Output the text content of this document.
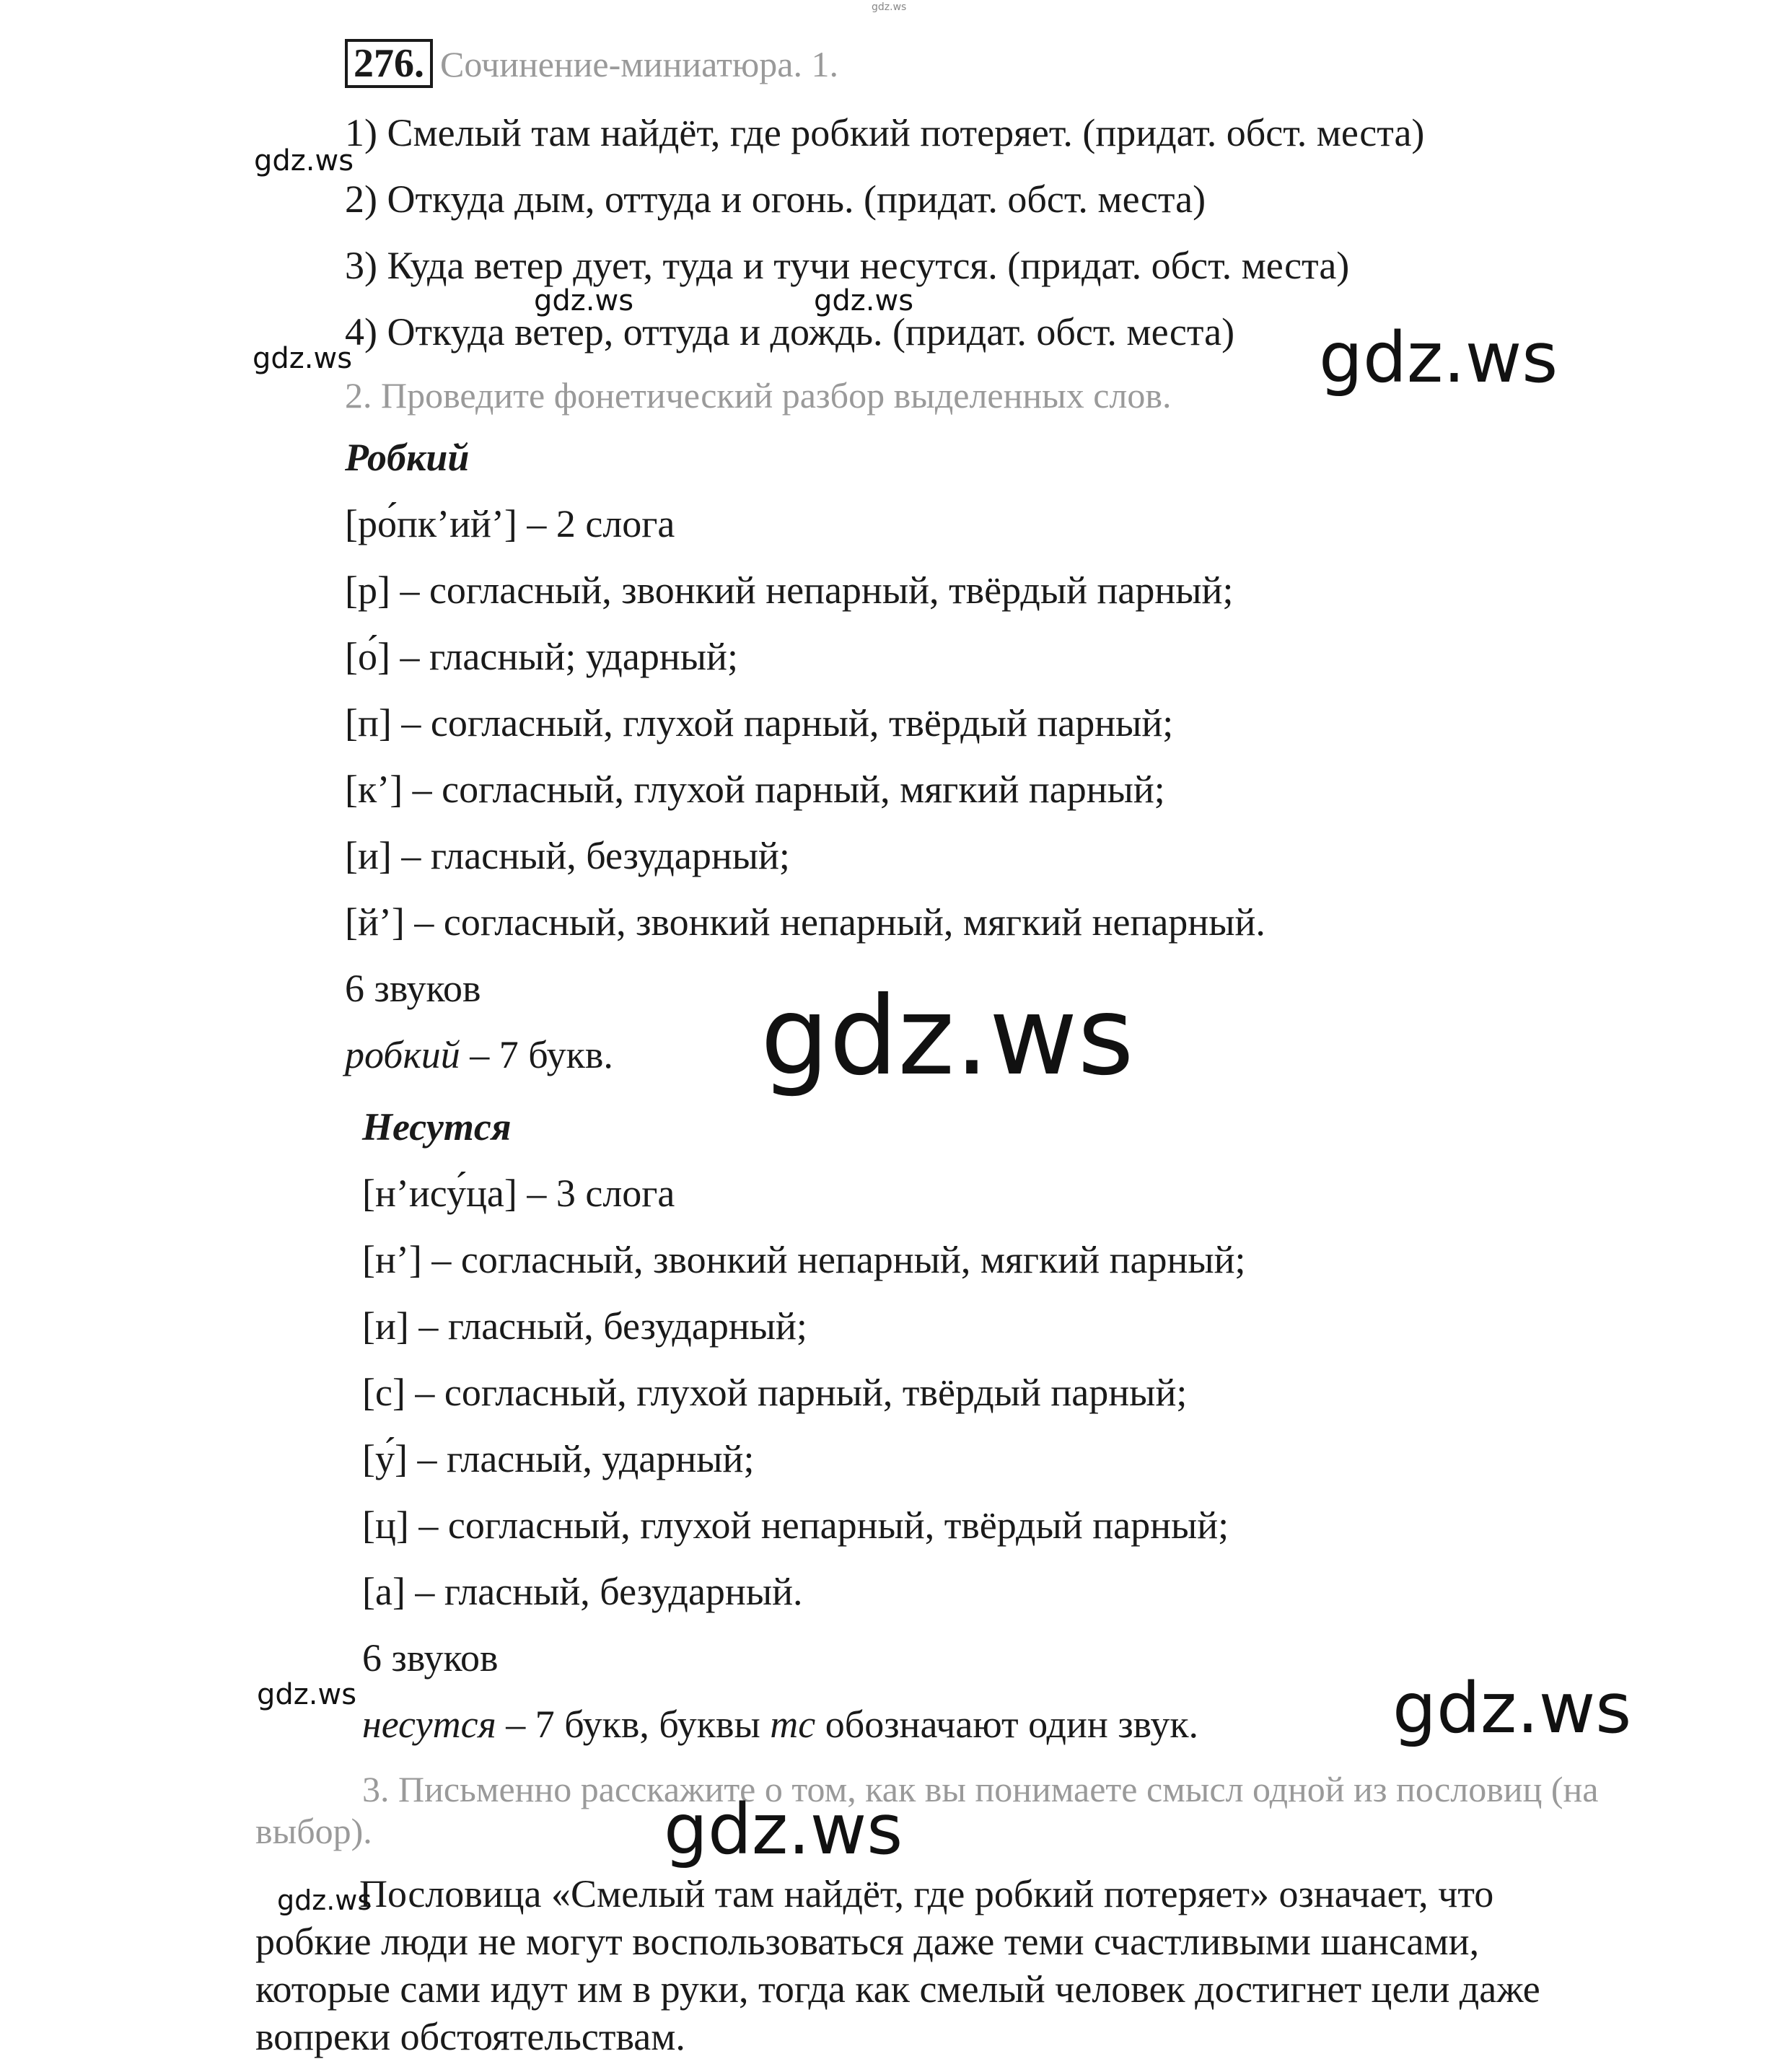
gdz.ws
276. Сочинение-миниатюра. 1.
1) Смелый там найдёт, где робкий потеряет. (придат. обст. места)
2) Откуда дым, оттуда и огонь. (придат. обст. места)
3) Куда ветер дует, туда и тучи несутся. (придат. обст. места)
4) Откуда ветер, оттуда и дождь. (придат. обст. места)
2. Проведите фонетический разбор выделенных слов.
Робкий
[ро́пк’ий’] – 2 слога
[р] – согласный, звонкий непарный, твёрдый парный;
[о́] – гласный; ударный;
[п] – согласный, глухой парный, твёрдый парный;
[к’] – согласный, глухой парный, мягкий парный;
[и] – гласный, безударный;
[й’] – согласный, звонкий непарный, мягкий непарный.
6 звуков
робкий – 7 букв.
Несутся
[н’ису́ца] – 3 слога
[н’] – согласный, звонкий непарный, мягкий парный;
[и] – гласный, безударный;
[с] – согласный, глухой парный, твёрдый парный;
[у́] – гласный, ударный;
[ц] – согласный, глухой непарный, твёрдый парный;
[а] – гласный, безударный.
6 звуков
несутся – 7 букв, буквы тс обозначают один звук.
3. Письменно расскажите о том, как вы понимаете смысл одной из пословиц (на
выбор).
Пословица «Смелый там найдёт, где робкий потеряет» означает, что
робкие люди не могут воспользоваться даже теми счастливыми шансами,
которые сами идут им в руки, тогда как смелый человек достигнет цели даже
вопреки обстоятельствам.
gdz.ws
gdz.ws	gdz.ws
gdz.ws	gdz.ws
gdz.ws
gdz.ws	gdz.ws
gdz.ws
gdz.ws
